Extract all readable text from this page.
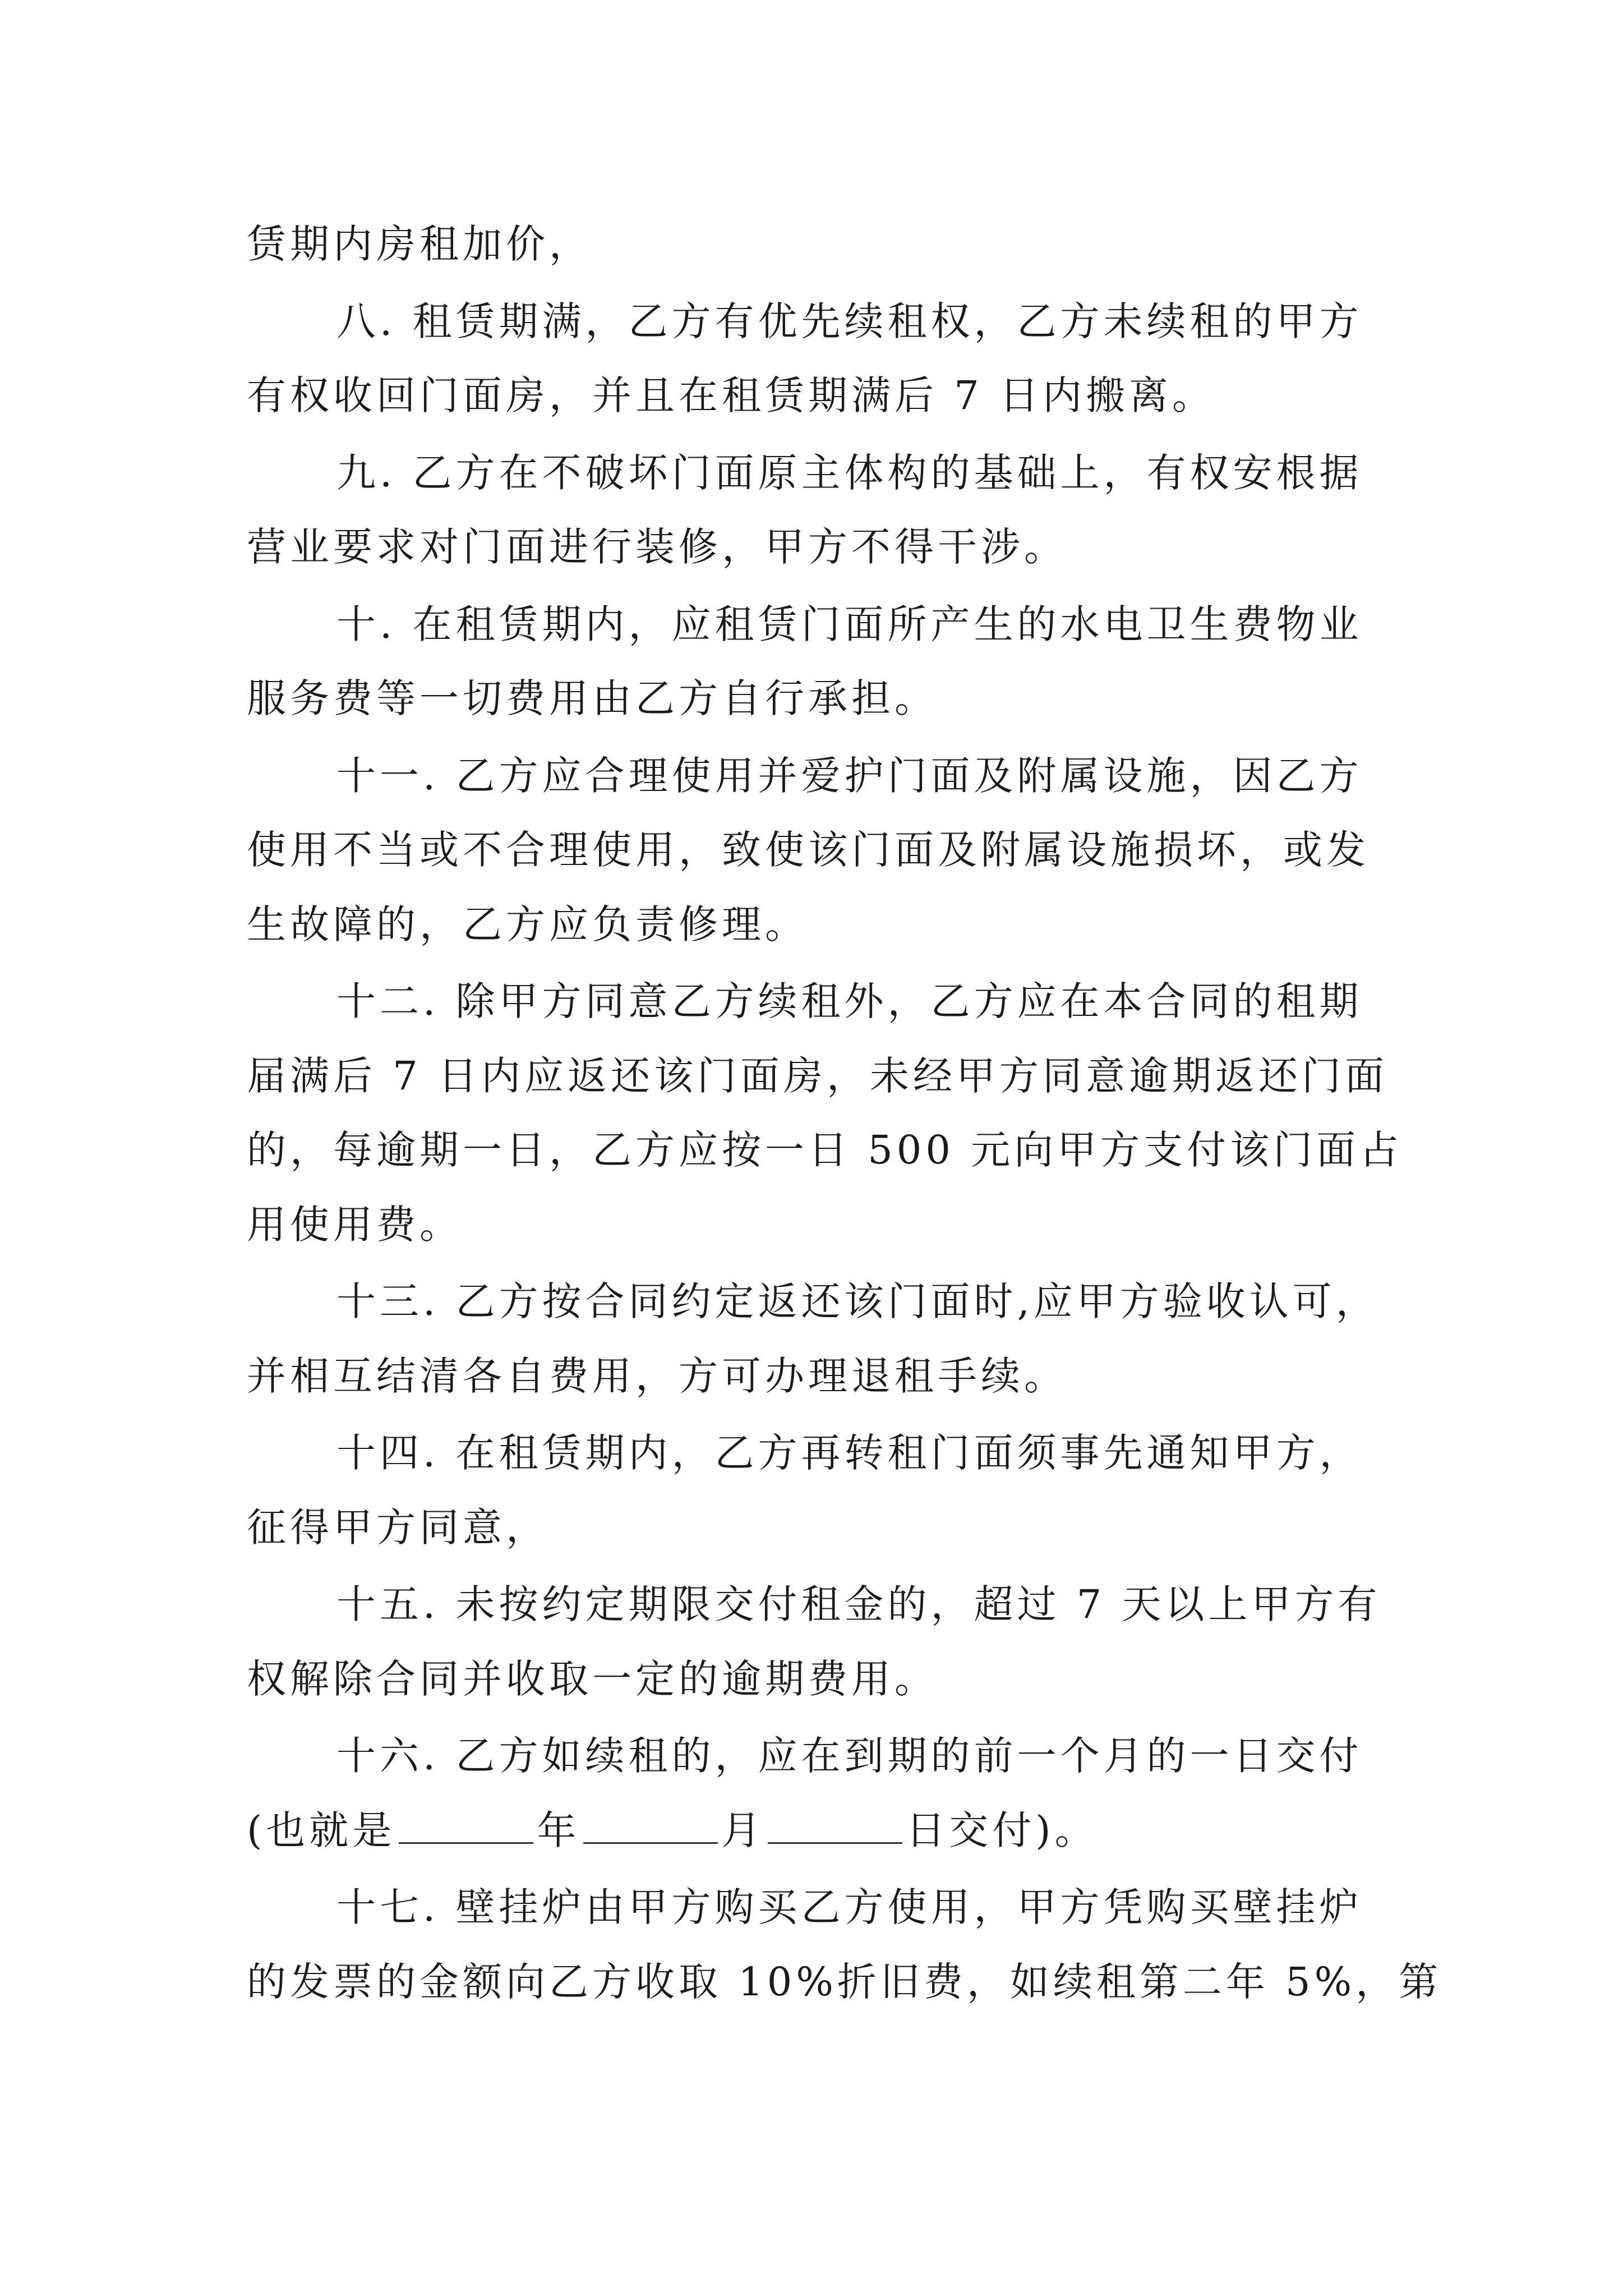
赁期内房租加价，
八. 租赁期满，乙方有优先续租权，乙方未续租的甲方
有权收回门面房，并且在租赁期满后 7 日内搬离。
九. 乙方在不破坏门面原主体构的基础上，有权安根据
营业要求对门面进行装修，甲方不得干涉。
十. 在租赁期内，应租赁门面所产生的水电卫生费物业
服务费等一切费用由乙方自行承担。
十一. 乙方应合理使用并爱护门面及附属设施，因乙方
使用不当或不合理使用，致使该门面及附属设施损坏，或发
生故障的，乙方应负责修理。
十二. 除甲方同意乙方续租外，乙方应在本合同的租期
届满后 7 日内应返还该门面房，未经甲方同意逾期返还门面
的，每逾期一日，乙方应按一日 500 元向甲方支付该门面占
用使用费。
十三. 乙方按合同约定返还该门面时,应甲方验收认可，
并相互结清各自费用，方可办理退租手续。
十四. 在租赁期内，乙方再转租门面须事先通知甲方，
征得甲方同意，
十五. 未按约定期限交付租金的，超过 7 天以上甲方有
权解除合同并收取一定的逾期费用。
十六. 乙方如续租的，应在到期的前一个月的一日交付
(也就是	年	月	日交付)。
十七. 壁挂炉由甲方购买乙方使用，甲方凭购买壁挂炉
的发票的金额向乙方收取 10%折旧费，如续租第二年 5%，第
